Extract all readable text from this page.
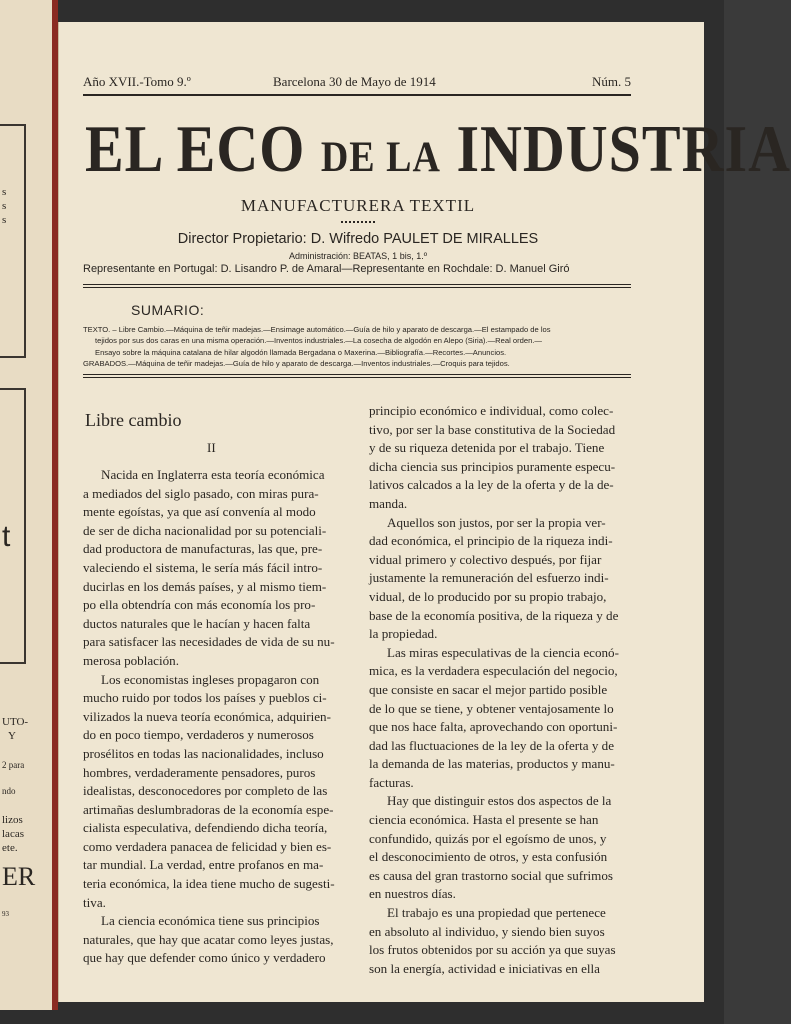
t
s
s
s
UTO-
Y
2 para
ndo
lizos
lacas
ete.
ER
93
Año XVII.-Tomo 9.º	Barcelona 30 de Mayo de 1914	Núm. 5
EL ECO DE LA INDUSTRIA
MANUFACTURERA TEXTIL
Director Propietario: D. Wifredo PAULET DE MIRALLES
Administración: BEATAS, 1 bis, 1.º
Representante en Portugal: D. Lisandro P. de Amaral—Representante en Rochdale: D. Manuel Giró
SUMARIO:
TEXTO. – Libre Cambio.—Máquina de teñir madejas.—Ensimage automático.—Guía de hilo y aparato de descarga.—El estampado de los
tejidos por sus dos caras en una misma operación.—Inventos industriales.—La cosecha de algodón en Alepo (Siria).—Real orden.—
Ensayo sobre la máquina catalana de hilar algodón llamada Bergadana o Maxerina.—Bibliografía.—Recortes.—Anuncios.
GRABADOS.—Máquina de teñir madejas.—Guía de hilo y aparato de descarga.—Inventos industriales.—Croquis para tejidos.
Libre cambio
II
Nacida en Inglaterra esta teoría económica
a mediados del siglo pasado, con miras pura-
mente egoístas, ya que así convenía al modo
de ser de dicha nacionalidad por su potenciali-
dad productora de manufacturas, las que, pre-
valeciendo el sistema, le sería más fácil intro-
ducirlas en los demás países, y al mismo tiem-
po ella obtendría con más economía los pro-
ductos naturales que le hacían y hacen falta
para satisfacer las necesidades de vida de su nu-
merosa población.
Los economistas ingleses propagaron con
mucho ruido por todos los países y pueblos ci-
vilizados la nueva teoría económica, adquirien-
do en poco tiempo, verdaderos y numerosos
prosélitos en todas las nacionalidades, incluso
hombres, verdaderamente pensadores, puros
idealistas, desconocedores por completo de las
artimañas deslumbradoras de la economía espe-
cialista especulativa, defendiendo dicha teoría,
como verdadera panacea de felicidad y bien es-
tar mundial. La verdad, entre profanos en ma-
teria económica, la idea tiene mucho de sugesti-
tiva.
La ciencia económica tiene sus principios
naturales, que hay que acatar como leyes justas,
que hay que defender como único y verdadero
principio económico e individual, como colec-
tivo, por ser la base constitutiva de la Sociedad
y de su riqueza detenida por el trabajo. Tiene
dicha ciencia sus principios puramente especu-
lativos calcados a la ley de la oferta y de la de-
manda.
Aquellos son justos, por ser la propia ver-
dad económica, el principio de la riqueza indi-
vidual primero y colectivo después, por fijar
justamente la remuneración del esfuerzo indi-
vidual, de lo producido por su propio trabajo,
base de la economía positiva, de la riqueza y de
la propiedad.
Las miras especulativas de la ciencia econó-
mica, es la verdadera especulación del negocio,
que consiste en sacar el mejor partido posible
de lo que se tiene, y obtener ventajosamente lo
que nos hace falta, aprovechando con oportuni-
dad las fluctuaciones de la ley de la oferta y de
la demanda de las materias, productos y manu-
facturas.
Hay que distinguir estos dos aspectos de la
ciencia económica. Hasta el presente se han
confundido, quizás por el egoísmo de unos, y
el desconocimiento de otros, y esta confusión
es causa del gran trastorno social que sufrimos
en nuestros días.
El trabajo es una propiedad que pertenece
en absoluto al individuo, y siendo bien suyos
los frutos obtenidos por su acción ya que suyas
son la energía, actividad e iniciativas en ella
